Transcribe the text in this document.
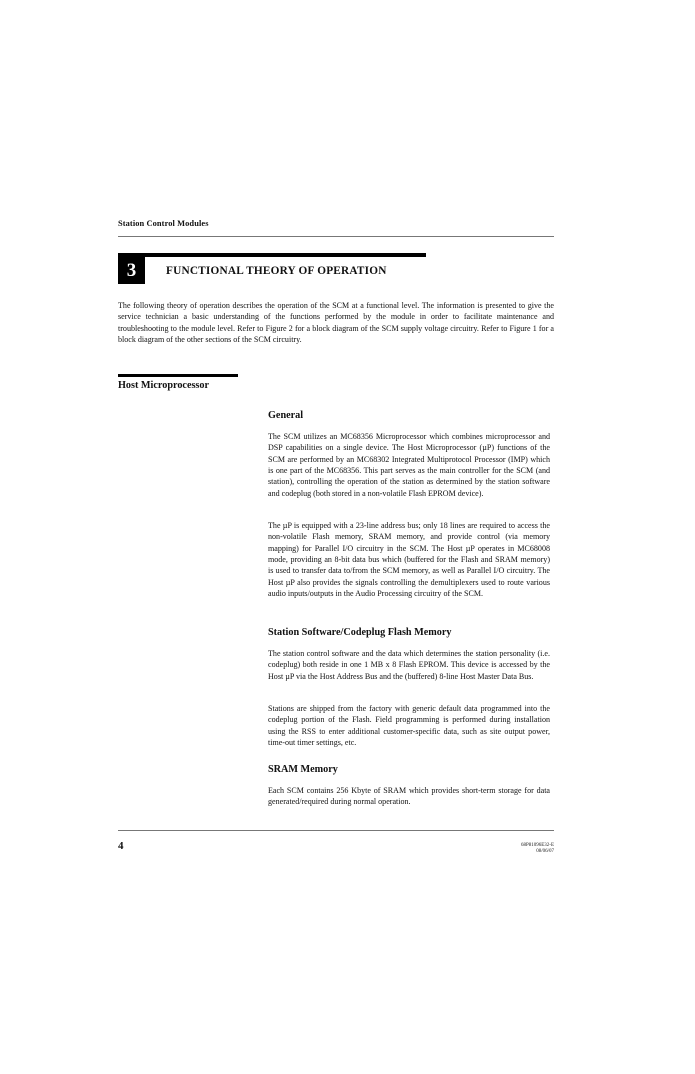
Station Control Modules
3	FUNCTIONAL THEORY OF OPERATION

The following theory of operation describes the operation of the SCM at a functional level. The information is presented to give the service technician a basic understanding of the functions performed by the module in order to facilitate maintenance and troubleshooting to the module level. Refer to Figure 2 for a block diagram of the SCM supply voltage circuitry. Refer to Figure 1 for a block diagram of the other sections of the SCM circuitry.

Host Microprocessor
General

The SCM utilizes an MC68356 Microprocessor which combines microprocessor and DSP capabilities on a single device. The Host Microprocessor (µP) functions of the SCM are performed by an MC68302 Integrated Multiprotocol Processor (IMP) which is one part of the MC68356. This part serves as the main controller for the SCM (and station), controlling the operation of the station as determined by the station software and codeplug (both stored in a non-volatile Flash EPROM device).

The µP is equipped with a 23-line address bus; only 18 lines are required to access the non-volatile Flash memory, SRAM memory, and provide control (via memory mapping) for Parallel I/O circuitry in the SCM. The Host µP operates in MC68008 mode, providing an 8-bit data bus which (buffered for the Flash and SRAM memory) is used to transfer data to/from the SCM memory, as well as Parallel I/O circuitry. The Host µP also provides the signals controlling the demultiplexers used to route various audio inputs/outputs in the Audio Processing circuitry of the SCM.

Station Software/Codeplug Flash Memory

The station control software and the data which determines the station personality (i.e. codeplug) both reside in one 1 MB x 8 Flash EPROM. This device is accessed by the Host µP via the Host Address Bus and the (buffered) 8-line Host Master Data Bus.

Stations are shipped from the factory with generic default data programmed into the codeplug portion of the Flash. Field programming is performed during installation using the RSS to enter additional customer-specific data, such as site output power, time-out timer settings, etc.

SRAM Memory

Each SCM contains 256 Kbyte of SRAM which provides short-term storage for data generated/required during normal operation.

4	68P81096E32-E
08/06/07
